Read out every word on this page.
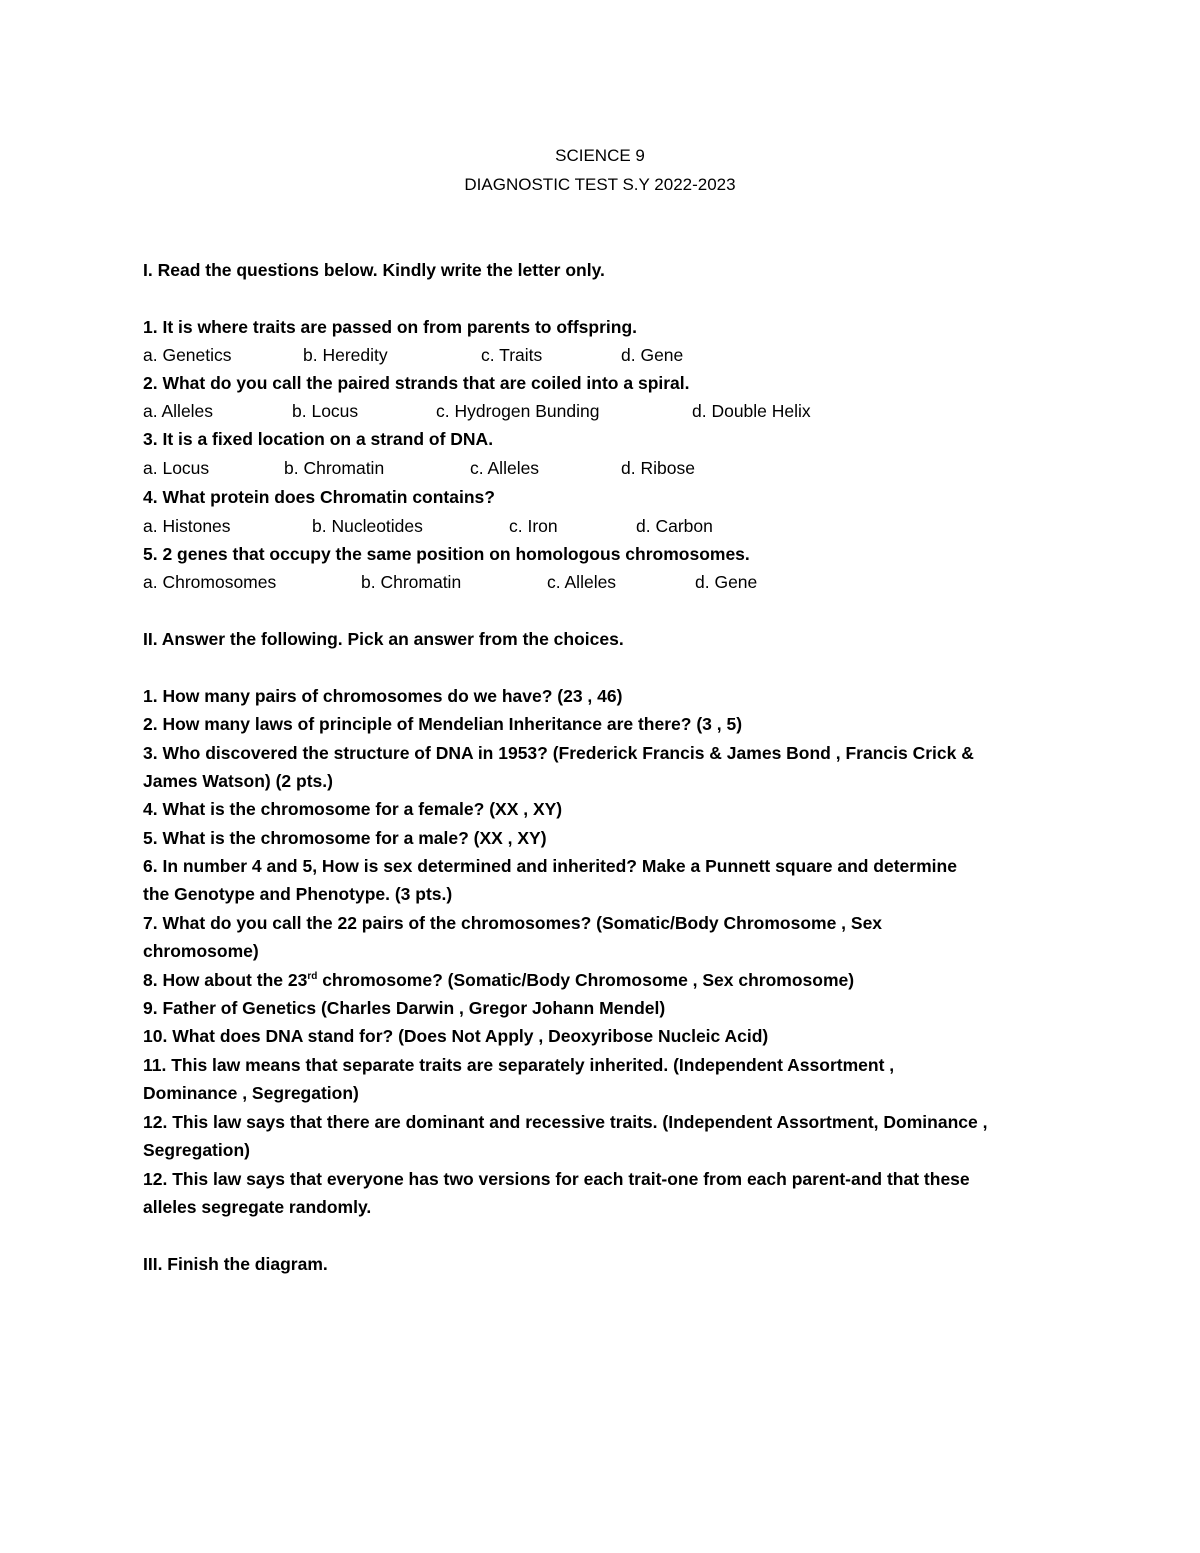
SCIENCE 9
DIAGNOSTIC TEST S.Y 2022-2023
I. Read the questions below. Kindly write the letter only.
1. It is where traits are passed on from parents to offspring.
a. Genetics	b. Heredity	c. Traits	d. Gene
2. What do you call the paired strands that are coiled into a spiral.
a. Alleles	b. Locus	c. Hydrogen Bunding	d. Double Helix
3. It is a fixed location on a strand of DNA.
a. Locus	b. Chromatin	c. Alleles	d. Ribose
4. What protein does Chromatin contains?
a. Histones	b. Nucleotides	c. Iron	d. Carbon
5. 2 genes that occupy the same position on homologous chromosomes.
a. Chromosomes	b. Chromatin	c. Alleles	d. Gene
II. Answer the following. Pick an answer from the choices.
1. How many pairs of chromosomes do we have? (23 , 46)
2. How many laws of principle of Mendelian Inheritance are there? (3 , 5)
3. Who discovered the structure of DNA in 1953? (Frederick Francis & James Bond , Francis Crick &
James Watson) (2 pts.)
4. What is the chromosome for a female? (XX , XY)
5. What is the chromosome for a male? (XX , XY)
6. In number 4 and 5, How is sex determined and inherited? Make a Punnett square and determine
the Genotype and Phenotype. (3 pts.)
7. What do you call the 22 pairs of the chromosomes? (Somatic/Body Chromosome , Sex
chromosome)
8. How about the 23rd chromosome? (Somatic/Body Chromosome , Sex chromosome)
9. Father of Genetics (Charles Darwin , Gregor Johann Mendel)
10. What does DNA stand for? (Does Not Apply , Deoxyribose Nucleic Acid)
11. This law means that separate traits are separately inherited. (Independent Assortment ,
Dominance , Segregation)
12. This law says that there are dominant and recessive traits. (Independent Assortment, Dominance ,
Segregation)
12. This law says that everyone has two versions for each trait-one from each parent-and that these
alleles segregate randomly.
III. Finish the diagram.
